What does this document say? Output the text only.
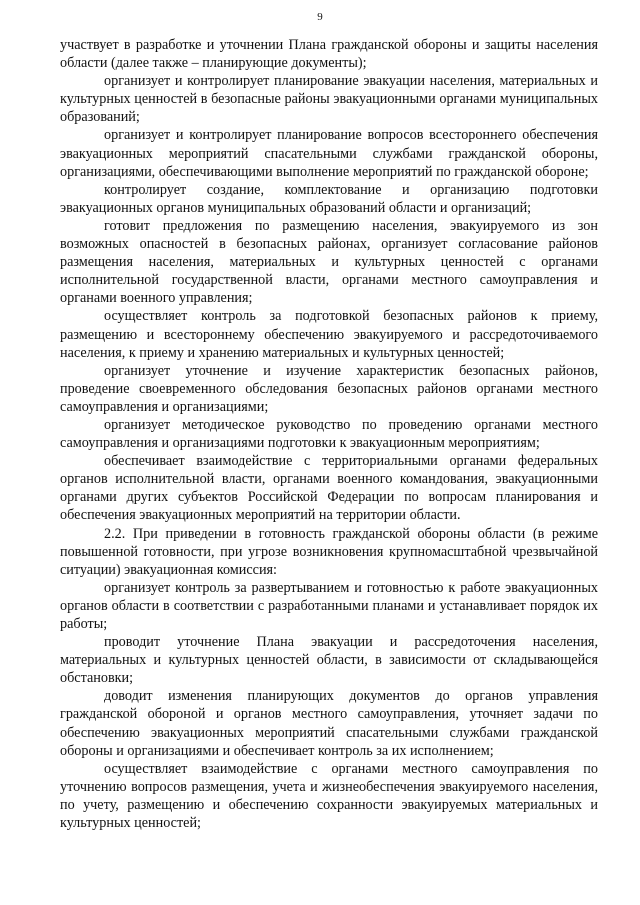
9

участвует в разработке и уточнении Плана гражданской обороны и защиты населения области (далее также – планирующие документы);

организует и контролирует планирование эвакуации населения, материальных и культурных ценностей в безопасные районы эвакуационными органами муниципальных образований;

организует и контролирует планирование вопросов всестороннего обеспечения эвакуационных мероприятий спасательными службами гражданской обороны, организациями, обеспечивающими выполнение мероприятий по гражданской обороне;

контролирует создание, комплектование и организацию подготовки эвакуационных органов муниципальных образований области и организаций;

готовит предложения по размещению населения, эвакуируемого из зон возможных опасностей в безопасных районах, организует согласование районов размещения населения, материальных и культурных ценностей с органами исполнительной государственной власти, органами местного самоуправления и органами военного управления;

осуществляет контроль за подготовкой безопасных районов к приему, размещению и всестороннему обеспечению эвакуируемого и рассредоточиваемого населения, к приему и хранению материальных и культурных ценностей;

организует уточнение и изучение характеристик безопасных районов, проведение своевременного обследования безопасных районов органами местного самоуправления и организациями;

организует методическое руководство по проведению органами местного самоуправления и организациями подготовки к эвакуационным мероприятиям;

обеспечивает взаимодействие с территориальными органами федеральных органов исполнительной власти, органами военного командования, эвакуационными органами других субъектов Российской Федерации по вопросам планирования и обеспечения эвакуационных мероприятий на территории области.

2.2. При приведении в готовность гражданской обороны области (в режиме повышенной готовности, при угрозе возникновения крупномасштабной чрезвычайной ситуации) эвакуационная комиссия:

организует контроль за развертыванием и готовностью к работе эвакуационных органов области в соответствии с разработанными планами и устанавливает порядок их работы;

проводит уточнение Плана эвакуации и рассредоточения населения, материальных и культурных ценностей области, в зависимости от складывающейся обстановки;

доводит изменения планирующих документов до органов управления гражданской обороной и органов местного самоуправления, уточняет задачи по обеспечению эвакуационных мероприятий спасательными службами гражданской обороны и организациями и обеспечивает контроль за их исполнением;

осуществляет взаимодействие с органами местного самоуправления по уточнению вопросов размещения, учета и жизнеобеспечения эвакуируемого населения, по учету, размещению и обеспечению сохранности эвакуируемых материальных и культурных ценностей;
